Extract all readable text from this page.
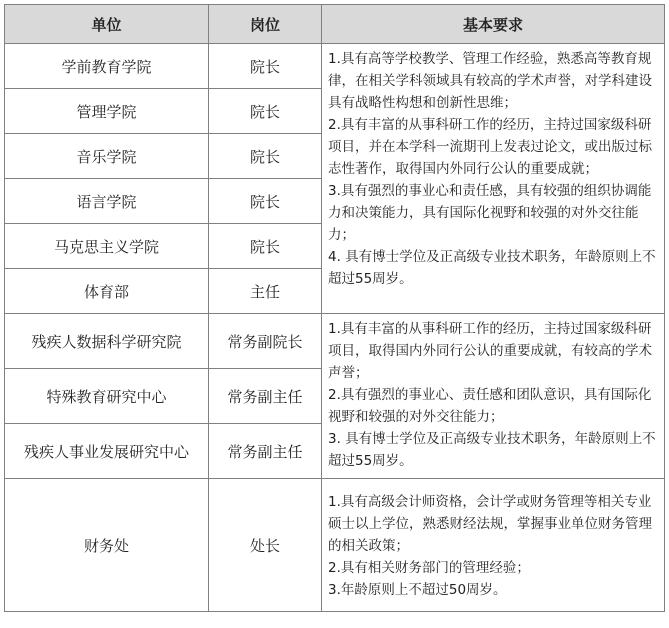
单位	岗位	基本要求
学前教育学院	院长	1.具有高等学校教学、管理工作经验，熟悉高等教育规律，在相关学科领域具有较高的学术声誉，对学科建设具有战略性构想和创新性思维；

2.具有丰富的从事科研工作的经历，主持过国家级科研项目，并在本学科一流期刊上发表过论文，或出版过标志性著作，取得国内外同行公认的重要成就；

3.具有强烈的事业心和责任感，具有较强的组织协调能力和决策能力，具有国际化视野和较强的对外交往能力；

4. 具有博士学位及正高级专业技术职务，年龄原则上不超过55周岁。

管理学院	院长	
音乐学院	院长	
语言学院	院长	
马克思主义学院	院长	
体育部	主任	
残疾人数据科学研究院	常务副院长	1.具有丰富的从事科研工作的经历，主持过国家级科研项目，取得国内外同行公认的重要成就，有较高的学术声誉；

2.具有强烈的事业心、责任感和团队意识，具有国际化视野和较强的对外交往能力；

3. 具有博士学位及正高级专业技术职务，年龄原则上不超过55周岁。

特殊教育研究中心	常务副主任	
残疾人事业发展研究中心	常务副主任	
财务处	处长	1.具有高级会计师资格，会计学或财务管理等相关专业硕士以上学位，熟悉财经法规，掌握事业单位财务管理的相关政策；

2.具有相关财务部门的管理经验；

3.年龄原则上不超过50周岁。
